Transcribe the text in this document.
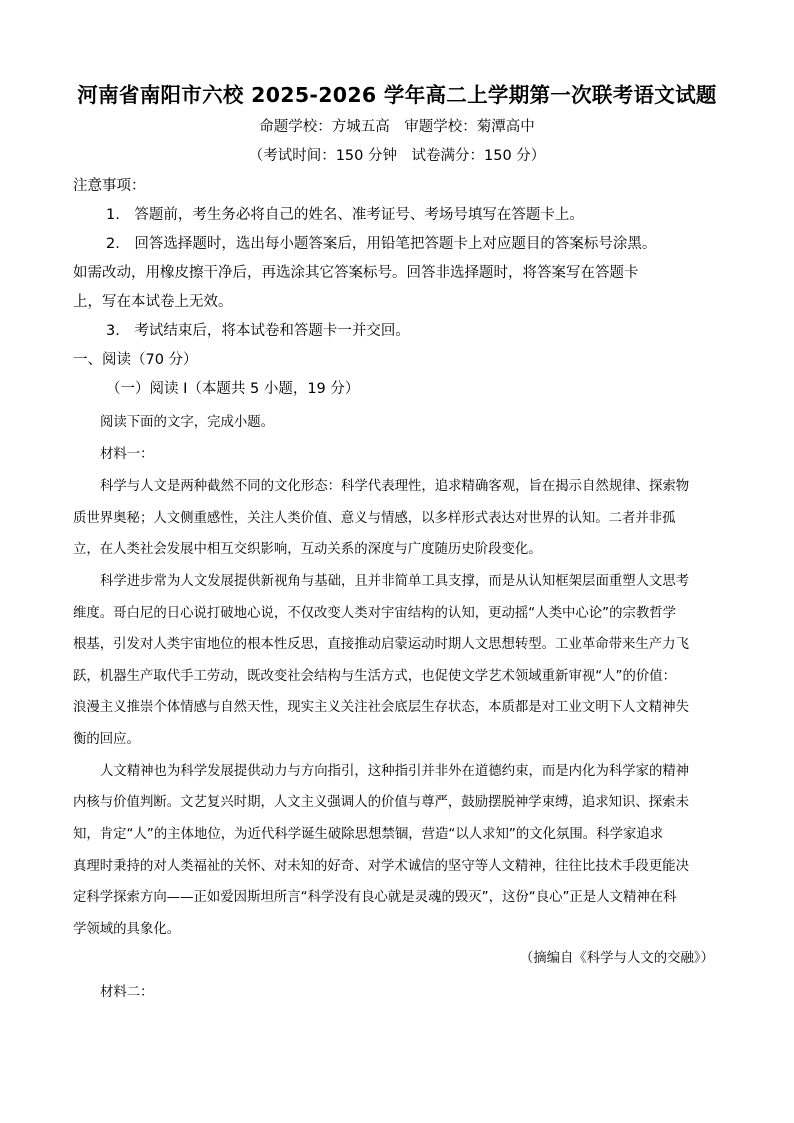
河南省南阳市六校 2025-2026 学年高二上学期第一次联考语文试题
命题学校：方城五高　审题学校：菊潭高中
（考试时间：150 分钟　试卷满分：150 分）
注意事项：
1.　答题前，考生务必将自己的姓名、准考证号、考场号填写在答题卡上。
2.　回答选择题时，选出每小题答案后，用铅笔把答题卡上对应题目的答案标号涂黑。
如需改动，用橡皮擦干净后，再选涂其它答案标号。回答非选择题时，将答案写在答题卡
上，写在本试卷上无效。
3.　考试结束后，将本试卷和答题卡一并交回。
一、阅读（70 分）
（一）阅读 I（本题共 5 小题，19 分）
阅读下面的文字，完成小题。
材料一：
科学与人文是两种截然不同的文化形态：科学代表理性，追求精确客观，旨在揭示自然规律、探索物
质世界奥秘；人文侧重感性，关注人类价值、意义与情感，以多样形式表达对世界的认知。二者并非孤
立，在人类社会发展中相互交织影响，互动关系的深度与广度随历史阶段变化。
科学进步常为人文发展提供新视角与基础，且并非简单工具支撑，而是从认知框架层面重塑人文思考
维度。哥白尼的日心说打破地心说，不仅改变人类对宇宙结构的认知，更动摇“人类中心论”的宗教哲学
根基，引发对人类宇宙地位的根本性反思，直接推动启蒙运动时期人文思想转型。工业革命带来生产力飞
跃，机器生产取代手工劳动，既改变社会结构与生活方式，也促使文学艺术领域重新审视“人”的价值：
浪漫主义推崇个体情感与自然天性，现实主义关注社会底层生存状态，本质都是对工业文明下人文精神失
衡的回应。
人文精神也为科学发展提供动力与方向指引，这种指引并非外在道德约束，而是内化为科学家的精神
内核与价值判断。文艺复兴时期，人文主义强调人的价值与尊严，鼓励摆脱神学束缚，追求知识、探索未
知，肯定“人”的主体地位，为近代科学诞生破除思想禁锢，营造“以人求知”的文化氛围。科学家追求
真理时秉持的对人类福祉的关怀、对未知的好奇、对学术诚信的坚守等人文精神，往往比技术手段更能决
定科学探索方向——正如爱因斯坦所言“科学没有良心就是灵魂的毁灭”，这份“良心”正是人文精神在科
学领域的具象化。
（摘编自《科学与人文的交融》）
材料二：
